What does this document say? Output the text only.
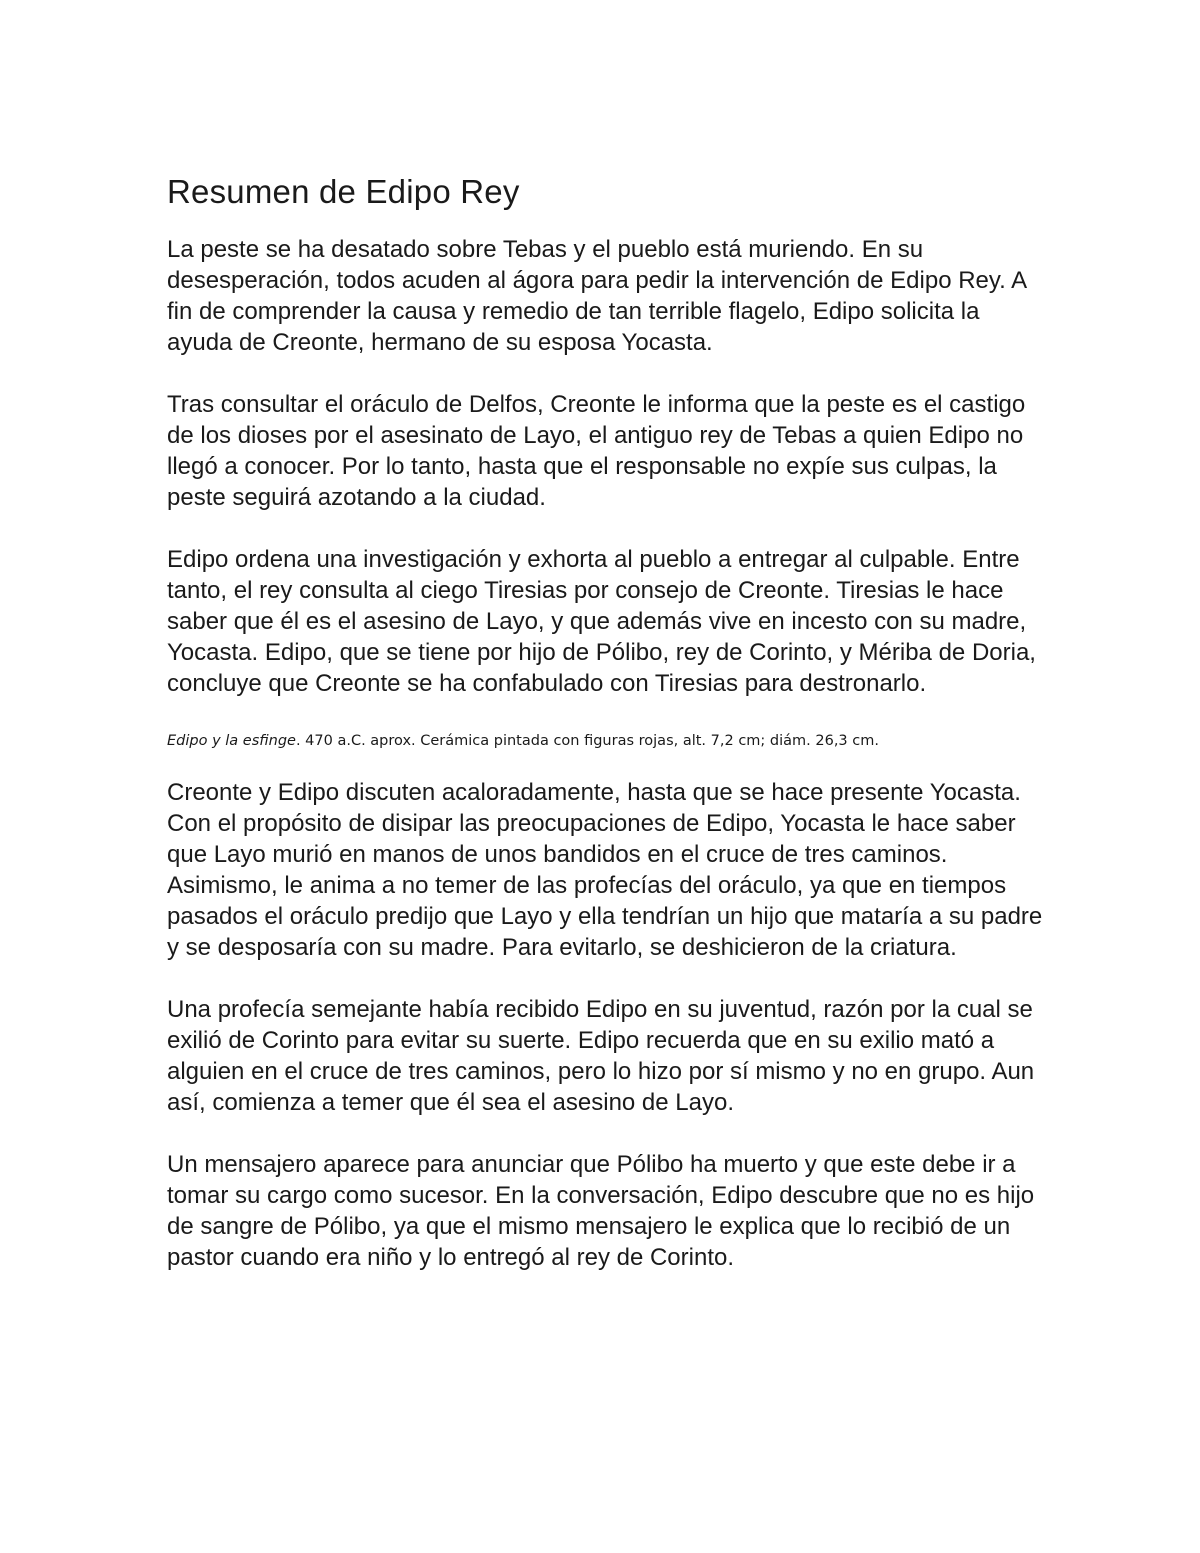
Resumen de Edipo Rey

La peste se ha desatado sobre Tebas y el pueblo está muriendo. En su desesperación, todos acuden al ágora para pedir la intervención de Edipo Rey. A fin de comprender la causa y remedio de tan terrible flagelo, Edipo solicita la ayuda de Creonte, hermano de su esposa Yocasta.

Tras consultar el oráculo de Delfos, Creonte le informa que la peste es el castigo de los dioses por el asesinato de Layo, el antiguo rey de Tebas a quien Edipo no llegó a conocer. Por lo tanto, hasta que el responsable no expíe sus culpas, la peste seguirá azotando a la ciudad.

Edipo ordena una investigación y exhorta al pueblo a entregar al culpable. Entre tanto, el rey consulta al ciego Tiresias por consejo de Creonte. Tiresias le hace saber que él es el asesino de Layo, y que además vive en incesto con su madre, Yocasta. Edipo, que se tiene por hijo de Pólibo, rey de Corinto, y Mériba de Doria, concluye que Creonte se ha confabulado con Tiresias para destronarlo.

Edipo y la esfinge. 470 a.C. aprox. Cerámica pintada con figuras rojas, alt. 7,2 cm; diám. 26,3 cm.

Creonte y Edipo discuten acaloradamente, hasta que se hace presente Yocasta. Con el propósito de disipar las preocupaciones de Edipo, Yocasta le hace saber que Layo murió en manos de unos bandidos en el cruce de tres caminos. Asimismo, le anima a no temer de las profecías del oráculo, ya que en tiempos pasados el oráculo predijo que Layo y ella tendrían un hijo que mataría a su padre y se desposaría con su madre. Para evitarlo, se deshicieron de la criatura.

Una profecía semejante había recibido Edipo en su juventud, razón por la cual se exilió de Corinto para evitar su suerte. Edipo recuerda que en su exilio mató a alguien en el cruce de tres caminos, pero lo hizo por sí mismo y no en grupo. Aun así, comienza a temer que él sea el asesino de Layo.

Un mensajero aparece para anunciar que Pólibo ha muerto y que este debe ir a tomar su cargo como sucesor. En la conversación, Edipo descubre que no es hijo de sangre de Pólibo, ya que el mismo mensajero le explica que lo recibió de un pastor cuando era niño y lo entregó al rey de Corinto.
